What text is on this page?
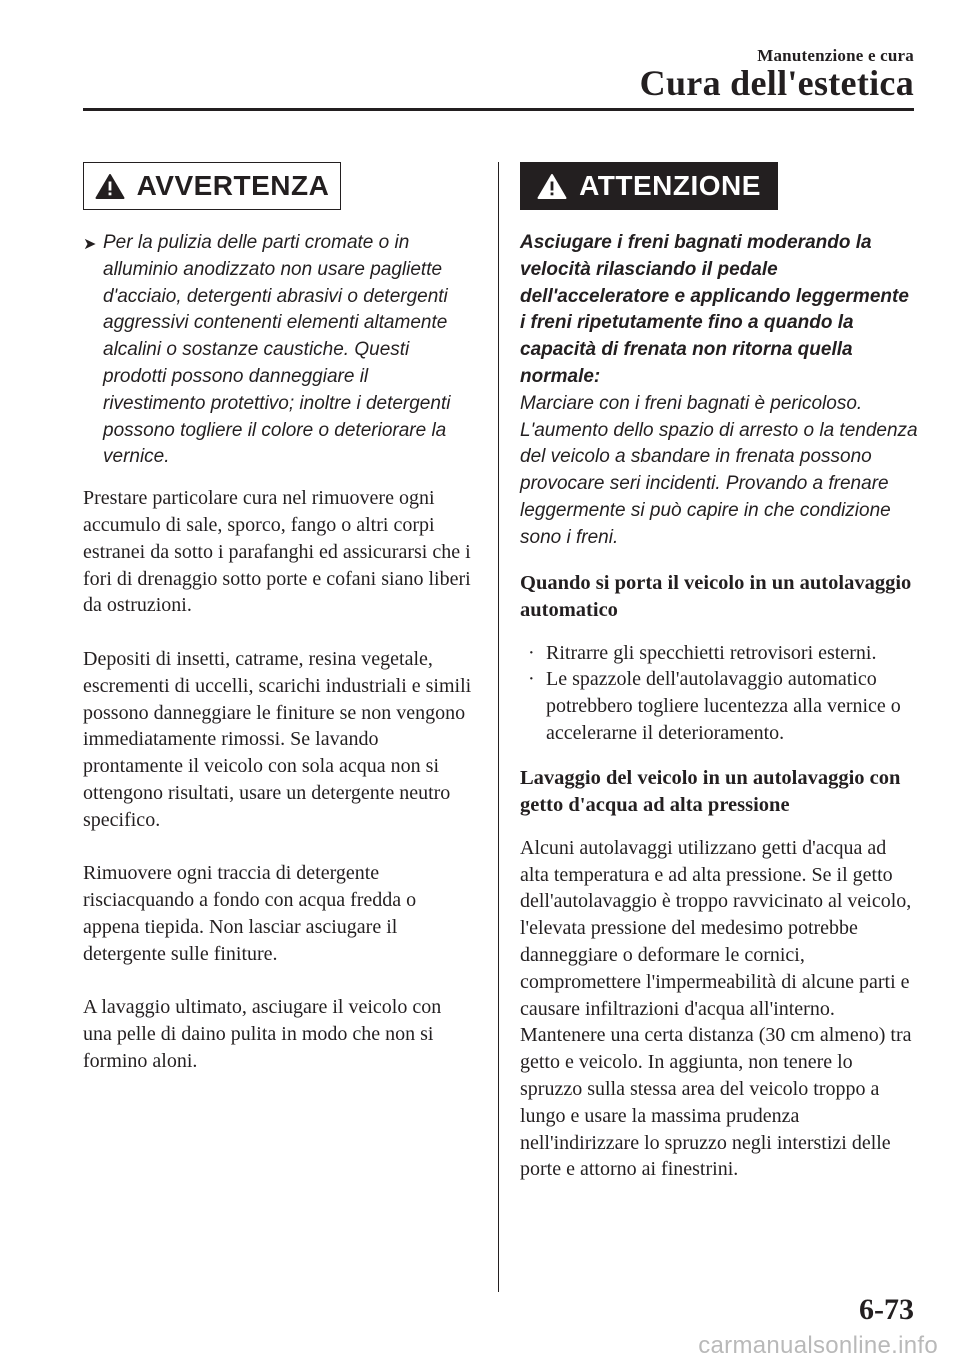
Manutenzione e cura
Cura dell'estetica
AVVERTENZA
➤ Per la pulizia delle parti cromate o in alluminio anodizzato non usare pagliette d'acciaio, detergenti abrasivi o detergenti aggressivi contenenti elementi altamente alcalini o sostanze caustiche. Questi prodotti possono danneggiare il rivestimento protettivo; inoltre i detergenti possono togliere il colore o deteriorare la vernice.

Prestare particolare cura nel rimuovere ogni accumulo di sale, sporco, fango o altri corpi estranei da sotto i parafanghi ed assicurarsi che i fori di drenaggio sotto porte e cofani siano liberi da ostruzioni.

Depositi di insetti, catrame, resina vegetale, escrementi di uccelli, scarichi industriali e simili possono danneggiare le finiture se non vengono immediatamente rimossi. Se lavando prontamente il veicolo con sola acqua non si ottengono risultati, usare un detergente neutro specifico.

Rimuovere ogni traccia di detergente risciacquando a fondo con acqua fredda o appena tiepida. Non lasciar asciugare il detergente sulle finiture.

A lavaggio ultimato, asciugare il veicolo con una pelle di daino pulita in modo che non si formino aloni.

ATTENZIONE
Asciugare i freni bagnati moderando la velocità rilasciando il pedale dell'acceleratore e applicando leggermente i freni ripetutamente fino a quando la capacità di frenata non ritorna quella normale:
Marciare con i freni bagnati è pericoloso. L'aumento dello spazio di arresto o la tendenza del veicolo a sbandare in frenata possono provocare seri incidenti. Provando a frenare leggermente si può capire in che condizione sono i freni.
Quando si porta il veicolo in un autolavaggio automatico
· Ritrarre gli specchietti retrovisori esterni.
· Le spazzole dell'autolavaggio automatico potrebbero togliere lucentezza alla vernice o accelerarne il deterioramento.
Lavaggio del veicolo in un autolavaggio con getto d'acqua ad alta pressione

Alcuni autolavaggi utilizzano getti d'acqua ad alta temperatura e ad alta pressione. Se il getto dell'autolavaggio è troppo ravvicinato al veicolo, l'elevata pressione del medesimo potrebbe danneggiare o deformare le cornici, compromettere l'impermeabilità di alcune parti e causare infiltrazioni d'acqua all'interno. Mantenere una certa distanza (30 cm almeno) tra getto e veicolo. In aggiunta, non tenere lo spruzzo sulla stessa area del veicolo troppo a lungo e usare la massima prudenza nell'indirizzare lo spruzzo negli interstizi delle porte e attorno ai finestrini.

6-73
carmanualsonline.info
